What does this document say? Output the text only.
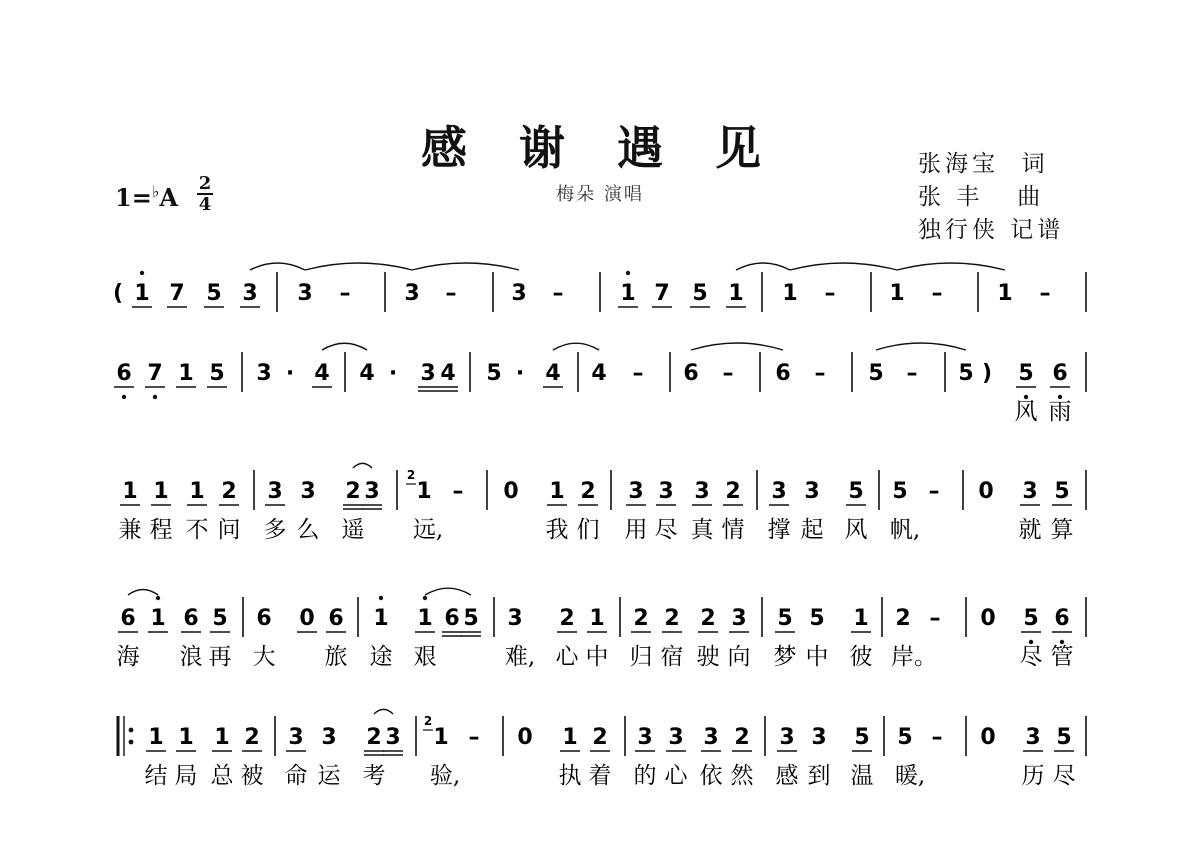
感 谢 遇 见
梅朵 演唱
张海宝  词
张 丰   曲
独行侠 记谱
1=♭A 2
4
( 1 7 5 3 3 – 3 – 3 –	1 7 5 1 1 – 1 – 1 –
6 7 1 5 3 · 4 4 · 3 4 5 · 4 4 – 6 – 6 – 5 – 5 ) 5 6
风 雨
1 1 1 2 3 3 2 3 1 – 0 1 2 3 3 3 2 3 3 5 5 – 0 3 5
2
兼 程 不 问 多 么 遥 远,	我 们 用 尽 真 情 撑 起 风 帆,	就 算
6 1 6 5 6 0 6 1 1 6 5 3 2 1 2 2 2 3 5 5 1 2 – 0 5 6
海 浪 再 大 旅 途 艰	难, 心 中 归 宿 驶 向 梦 中 彼 岸。	尽 管
1 1 1 2 3 3 2 3 1 – 0 1 2 3 3 3 2 3 3 5 5 – 0 3 5
2
结 局 总 被 命 运 考 验,	执 着 的 心 依 然 感 到 温 暖,	历 尽
